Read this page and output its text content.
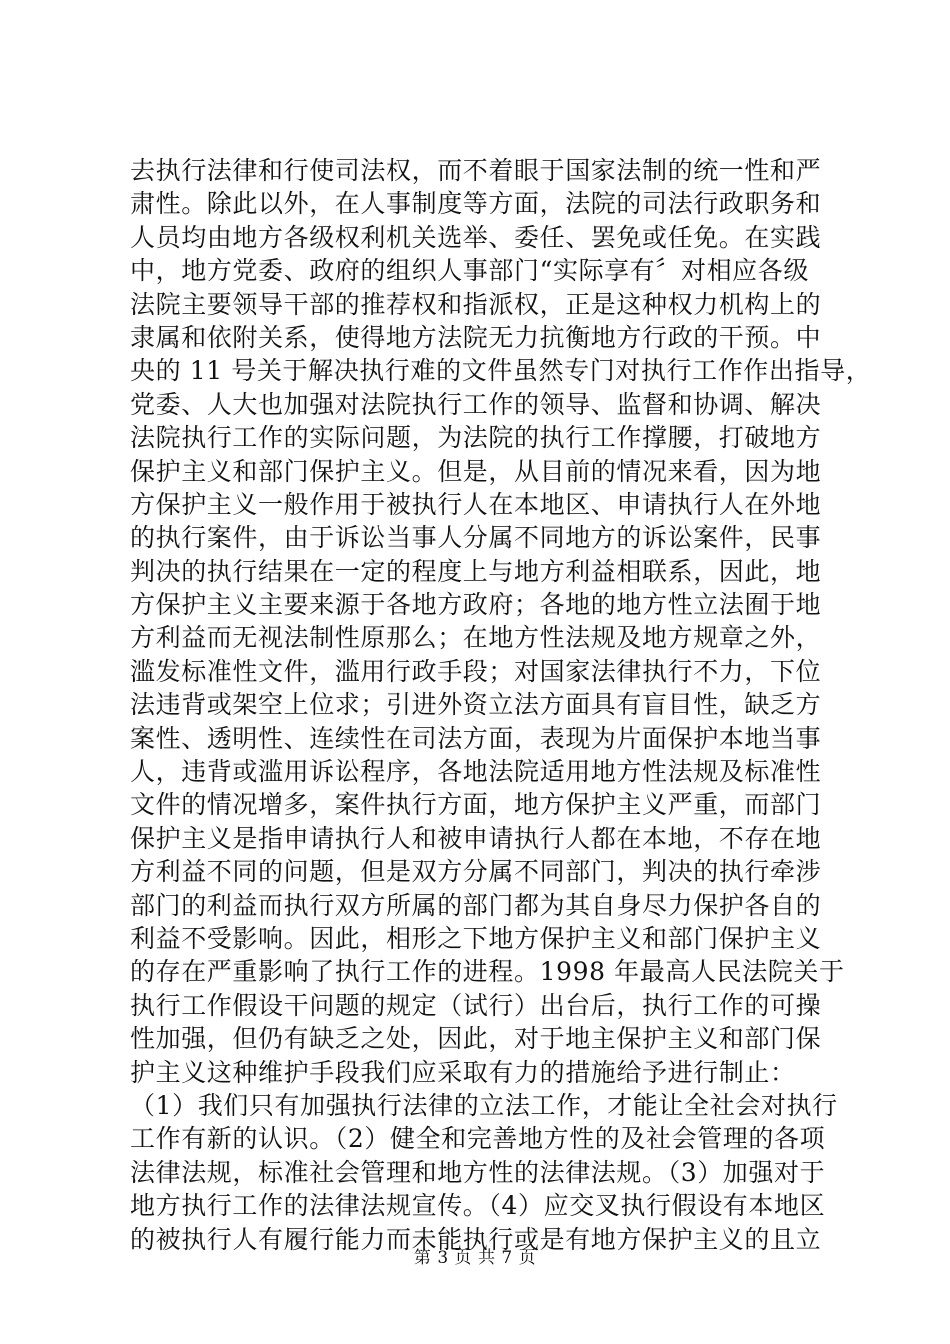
去执行法律和行使司法权，而不着眼于国家法制的统一性和严
肃性。除此以外，在人事制度等方面，法院的司法行政职务和
人员均由地方各级权利机关选举、委任、罢免或任免。在实践
中，地方党委、政府的组织人事部门“实际享有〞对相应各级
法院主要领导干部的推荐权和指派权，正是这种权力机构上的
隶属和依附关系，使得地方法院无力抗衡地方行政的干预。中
央的 11 号关于解决执行难的文件虽然专门对执行工作作出指导，
党委、人大也加强对法院执行工作的领导、监督和协调、解决
法院执行工作的实际问题，为法院的执行工作撑腰，打破地方
保护主义和部门保护主义。但是，从目前的情况来看，因为地
方保护主义一般作用于被执行人在本地区、申请执行人在外地
的执行案件，由于诉讼当事人分属不同地方的诉讼案件，民事
判决的执行结果在一定的程度上与地方利益相联系，因此，地
方保护主义主要来源于各地方政府；各地的地方性立法囿于地
方利益而无视法制性原那么；在地方性法规及地方规章之外，
滥发标准性文件，滥用行政手段；对国家法律执行不力，下位
法违背或架空上位求；引进外资立法方面具有盲目性，缺乏方
案性、透明性、连续性在司法方面，表现为片面保护本地当事
人，违背或滥用诉讼程序，各地法院适用地方性法规及标准性
文件的情况增多，案件执行方面，地方保护主义严重，而部门
保护主义是指申请执行人和被申请执行人都在本地，不存在地
方利益不同的问题，但是双方分属不同部门，判决的执行牵涉
部门的利益而执行双方所属的部门都为其自身尽力保护各自的
利益不受影响。因此，相形之下地方保护主义和部门保护主义
的存在严重影响了执行工作的进程。1998 年最高人民法院关于
执行工作假设干问题的规定（试行）出台后，执行工作的可操
性加强，但仍有缺乏之处，因此，对于地主保护主义和部门保
护主义这种维护手段我们应采取有力的措施给予进行制止：
（1）我们只有加强执行法律的立法工作，才能让全社会对执行
工作有新的认识。（2）健全和完善地方性的及社会管理的各项
法律法规，标准社会管理和地方性的法律法规。（3）加强对于
地方执行工作的法律法规宣传。（4）应交叉执行假设有本地区
的被执行人有履行能力而未能执行或是有地方保护主义的且立
第 3 页 共 7 页
